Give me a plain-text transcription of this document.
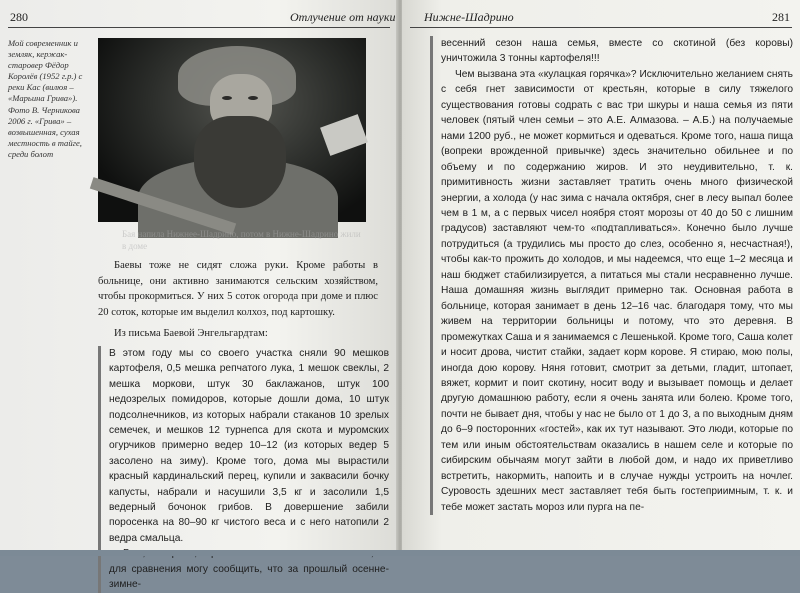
280	Отлучение от науки

Мой современник и земляк, кержак-старовер Фёдор Королёв (1952 г.р.) с реки Кас (вилюя – «Марьина Грива»). Фото В. Черникова 2006 г. «Грива» – возвышенная, сухая местность в тайге, среди болот

Бая напила Нижнее-Шадрино, потом в Нижне-Шадрино жили в доме

Баевы тоже не сидят сложа руки. Кроме работы в больнице, они активно занимаются сельским хозяйством, чтобы прокормиться. У них 5 соток огорода при доме и плюс 20 соток, которые им выделил колхоз, под картошку.

Из письма Баевой Энгельгардтам:

В этом году мы со своего участка сняли 90 мешков картофеля, 0,5 мешка репчатого лука, 1 мешок свеклы, 2 мешка моркови, штук 30 баклажанов, штук 100 недозрелых помидоров, которые дошли дома, 10 штук подсолнечников, из которых набрали стаканов 10 зрелых семечек, и мешков 12 турнепса для скота и муромских огурчиков примерно ведер 10–12 (из которых ведер 5 засолено на зиму). Кроме того, дома мы вырастили красный кардинальский перец, купили и заквасили бочку капусты, набрали и насушили 3,5 кг и засолили 1,5 ведерный бочонок грибов. В довершение забили поросенка на 80–90 кг чистого веса и с него натопили 2 ведра смальца.

для сравнения могу сообщить, что за прошлый осенне-зимне-

Нижне-Шадрино	281

весенний сезон наша семья, вместе со скотиной (без коровы) уничтожила 3 тонны картофеля!!!

Чем вызвана эта «кулацкая горячка»? Исключительно желанием снять с себя гнет зависимости от крестьян, которые в силу тяжелого существования готовы содрать с вас три шкуры и наша семья из пяти человек (пятый член семьи – это А.Е. Алмазова. – А.Б.) на получаемые нами 1200 руб., не может кормиться и одеваться. Кроме того, наша пища (вопреки врожденной привычке) здесь значительно обильнее и по объему и по содержанию жиров. И это неудивительно, т. к. примитивность жизни заставляет тратить очень много физической энергии, а холода (у нас зима с начала октября, снег в лесу выпал более чем в 1 м, а с первых чисел ноября стоят морозы от 40 до 50 с лишним градусов) заставляют чем-то «подтапливаться». Конечно было лучше потрудиться (а трудились мы просто до слез, особенно я, несчастная!), чтобы как-то прожить до холодов, и мы надеемся, что еще 1–2 месяца и наш бюджет стабилизируется, а питаться мы стали несравненно лучше. Наша домашняя жизнь выглядит примерно так. Основная работа в больнице, которая занимает в день 12–16 час. благодаря тому, что мы живем на территории больницы и потому, что это деревня. В промежутках Саша и я занимаемся с Лешенькой. Кроме того, Саша колет и носит дрова, чистит стайки, задает корм корове. Я стираю, мою полы, иногда дою корову. Няня готовит, смотрит за детьми, гладит, штопает, вяжет, кормит и поит скотину, носит воду и вызывает помощь и делает другую домашнюю работу, если я очень занята или болею. Кроме того, почти не бывает дня, чтобы у нас не было от 1 до 3, а по выходным дням до 6–9 посторонних «гостей», как их тут называют. Это люди, которые по тем или иным обстоятельствам оказались в нашем селе и которые по сибирским обычаям могут зайти в любой дом, и надо их приветливо встретить, накормить, напоить и в случае нужды устроить на ночлег. Суровость здешних мест заставляет тебя быть гостеприимным, т. к. и тебе может застать мороз или пурга на пе-
